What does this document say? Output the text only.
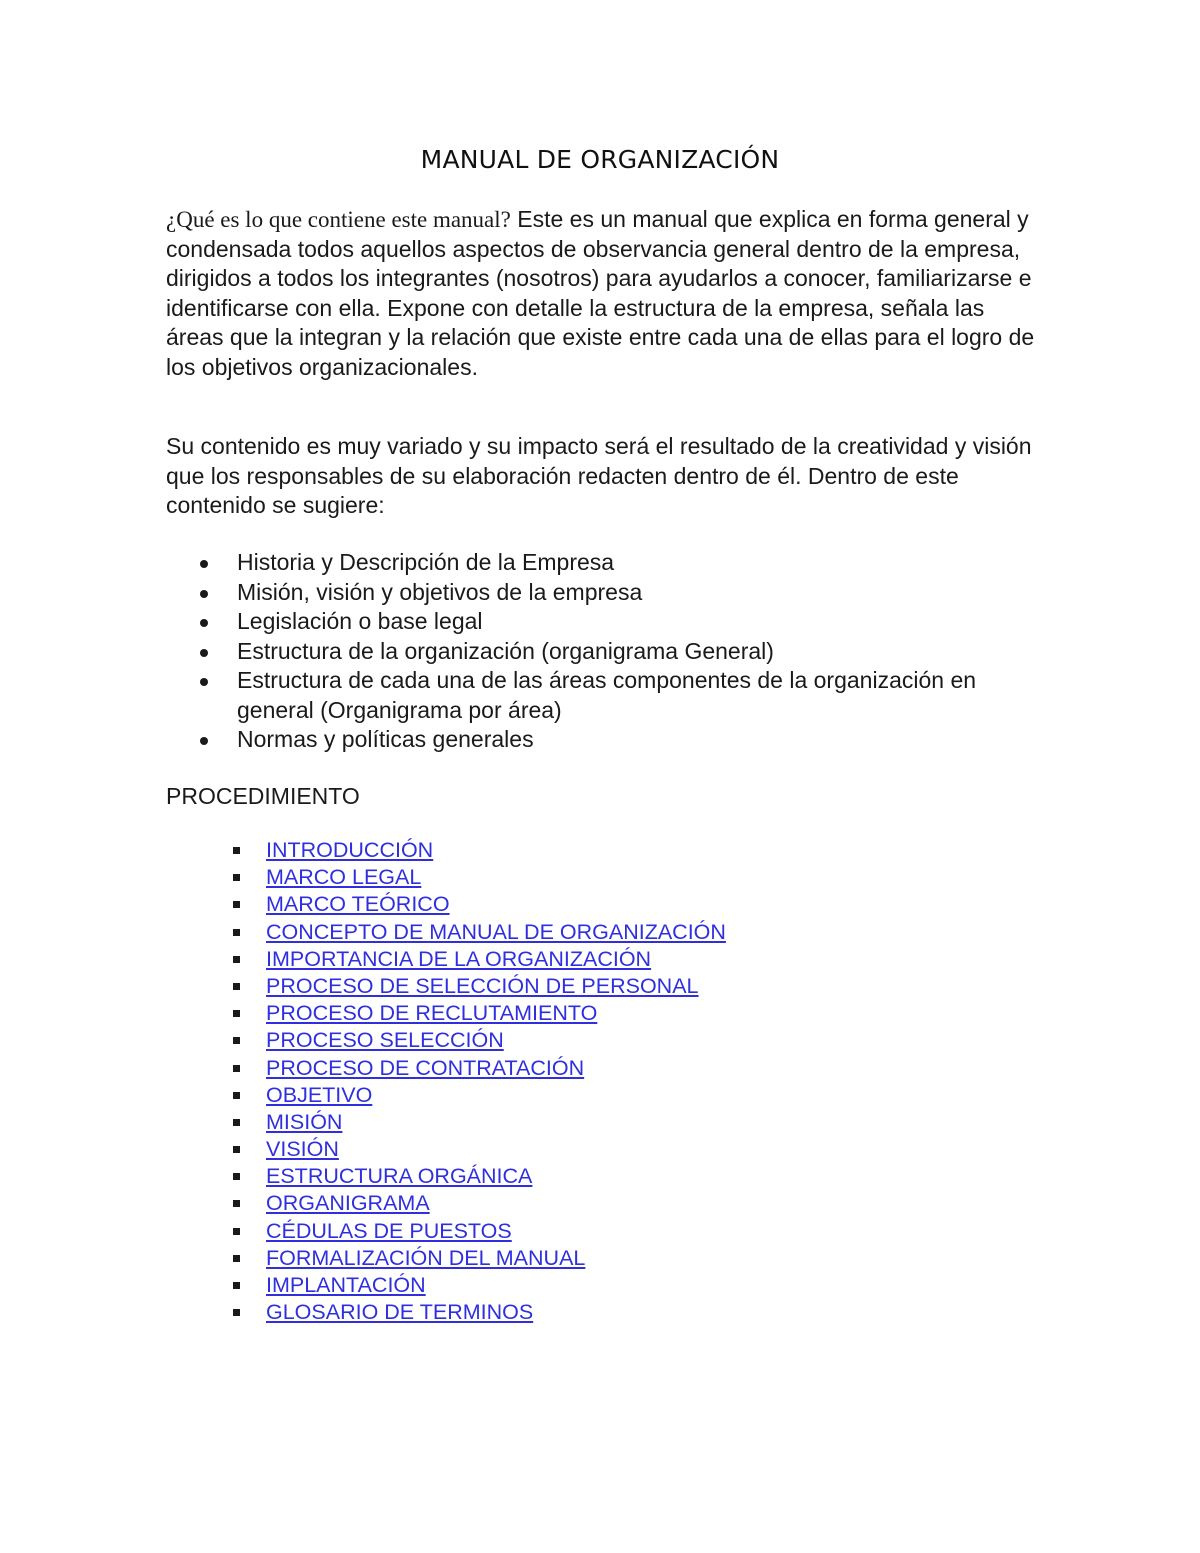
MANUAL DE ORGANIZACIÓN

¿Qué es lo que contiene este manual? Este es un manual que explica en forma general y condensada todos aquellos aspectos de observancia general dentro de la empresa, dirigidos a todos los integrantes (nosotros) para ayudarlos a conocer, familiarizarse e identificarse con ella. Expone con detalle la estructura de la empresa, señala las áreas que la integran y la relación que existe entre cada una de ellas para el logro de los objetivos organizacionales.

Su contenido es muy variado y su impacto será el resultado de la creatividad y visión que los responsables de su elaboración redacten dentro de él. Dentro de este contenido se sugiere:

Historia y Descripción de la Empresa
Misión, visión y objetivos de la empresa
Legislación o base legal
Estructura de la organización (organigrama General)
Estructura de cada una de las áreas componentes de la organización en general (Organigrama por área)
Normas y políticas generales
PROCEDIMIENTO
INTRODUCCIÓN
MARCO LEGAL
MARCO TEÓRICO
CONCEPTO DE MANUAL DE ORGANIZACIÓN
IMPORTANCIA DE LA ORGANIZACIÓN
PROCESO DE SELECCIÓN DE PERSONAL
PROCESO DE RECLUTAMIENTO
PROCESO SELECCIÓN
PROCESO DE CONTRATACIÓN
OBJETIVO
MISIÓN
VISIÓN
ESTRUCTURA ORGÁNICA
ORGANIGRAMA
CÉDULAS DE PUESTOS
FORMALIZACIÓN DEL MANUAL
IMPLANTACIÓN
GLOSARIO DE TERMINOS
